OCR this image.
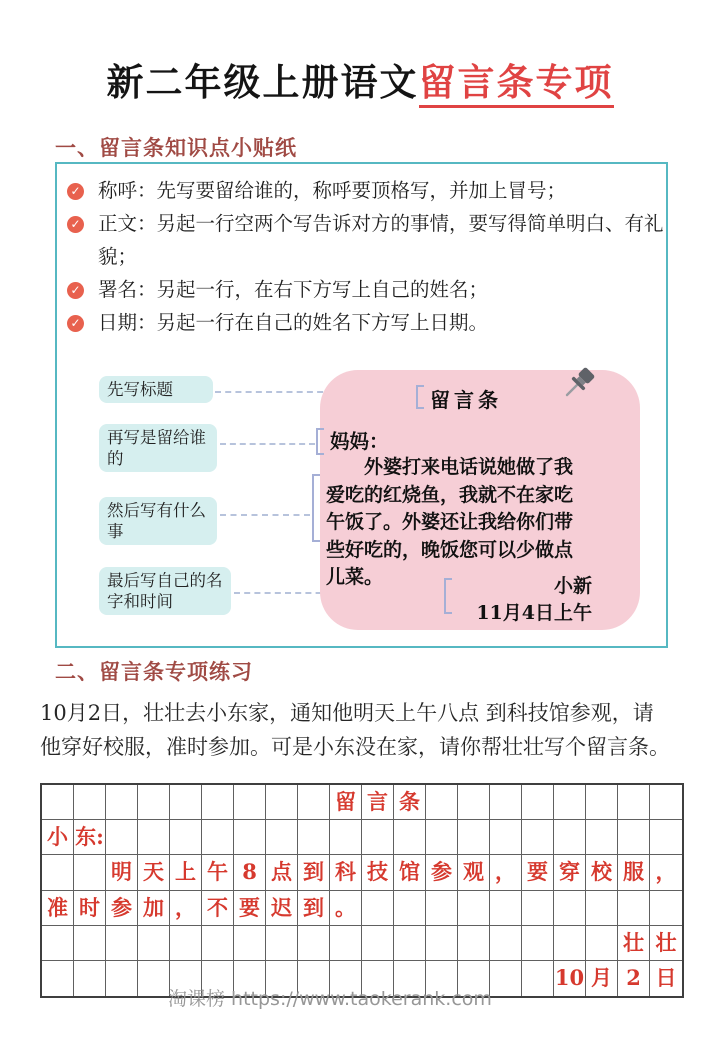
新二年级上册语文留言条专项
一、留言条知识点小贴纸
✓ 称呼：先写要留给谁的，称呼要顶格写，并加上冒号；
✓ 正文：另起一行空两个写告诉对方的事情，要写得简单明白、有礼貌；
✓ 署名：另起一行，在右下方写上自己的姓名；
✓ 日期：另起一行在自己的姓名下方写上日期。
先写标题
再写是留给谁的
然后写有什么事
最后写自己的名字和时间
留言条
妈妈：
外婆打来电话说她做了我
爱吃的红烧鱼，我就不在家吃
午饭了。外婆还让我给你们带
些好吃的，晚饭您可以少做点
儿菜。	小新
11月4日上午
二、留言条专项练习
10月2日，壮壮去小东家，通知他明天上午八点 到科技馆参观，请
他穿好校服，准时参加。可是小东没在家，请你帮壮壮写个留言条。
留 言 条
小 东:
明 天 上 午 8 点 到 科 技 馆 参 观 ， 要 穿 校 服 ，
准 时 参 加 ， 不 要 迟 到 。
壮 壮
10 月 2 日
淘课榜 https://www.taokerank.com
